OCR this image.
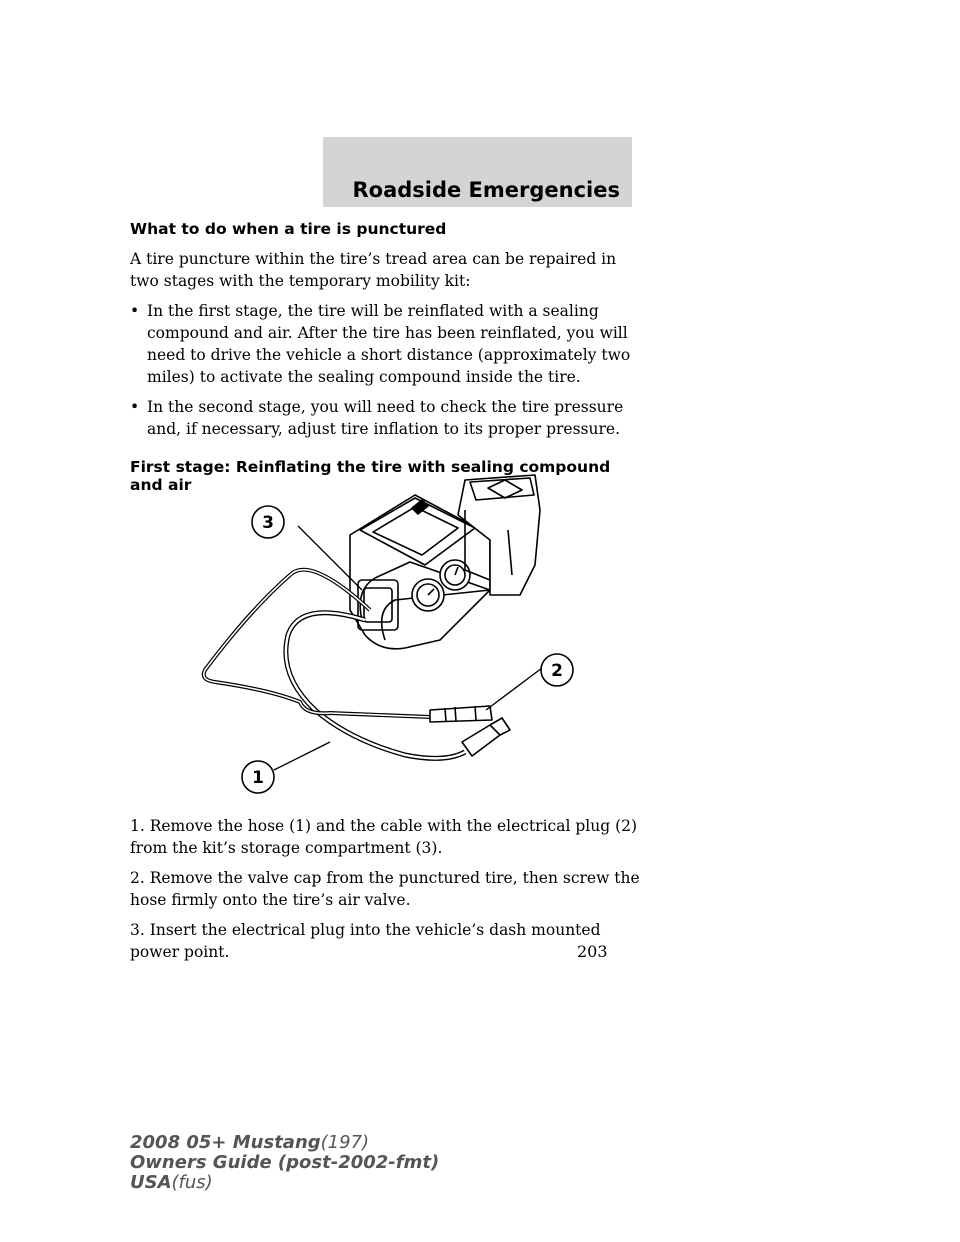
Roadside Emergencies
What to do when a tire is punctured

A tire puncture within the tire’s tread area can be repaired in two stages with the temporary mobility kit:

• In the first stage, the tire will be reinflated with a sealing compound and air. After the tire has been reinflated, you will need to drive the vehicle a short distance (approximately two miles) to activate the sealing compound inside the tire.
• In the second stage, you will need to check the tire pressure and, if necessary, adjust tire inflation to its proper pressure.
First stage: Reinflating the tire with sealing compound and air
3
2
1

1. Remove the hose (1) and the cable with the electrical plug (2) from the kit’s storage compartment (3).

2. Remove the valve cap from the punctured tire, then screw the hose firmly onto the tire’s air valve.

3. Insert the electrical plug into the vehicle’s dash mounted power point.	203
2008 05+ Mustang(197)
Owners Guide (post-2002-fmt)
USA(fus)
